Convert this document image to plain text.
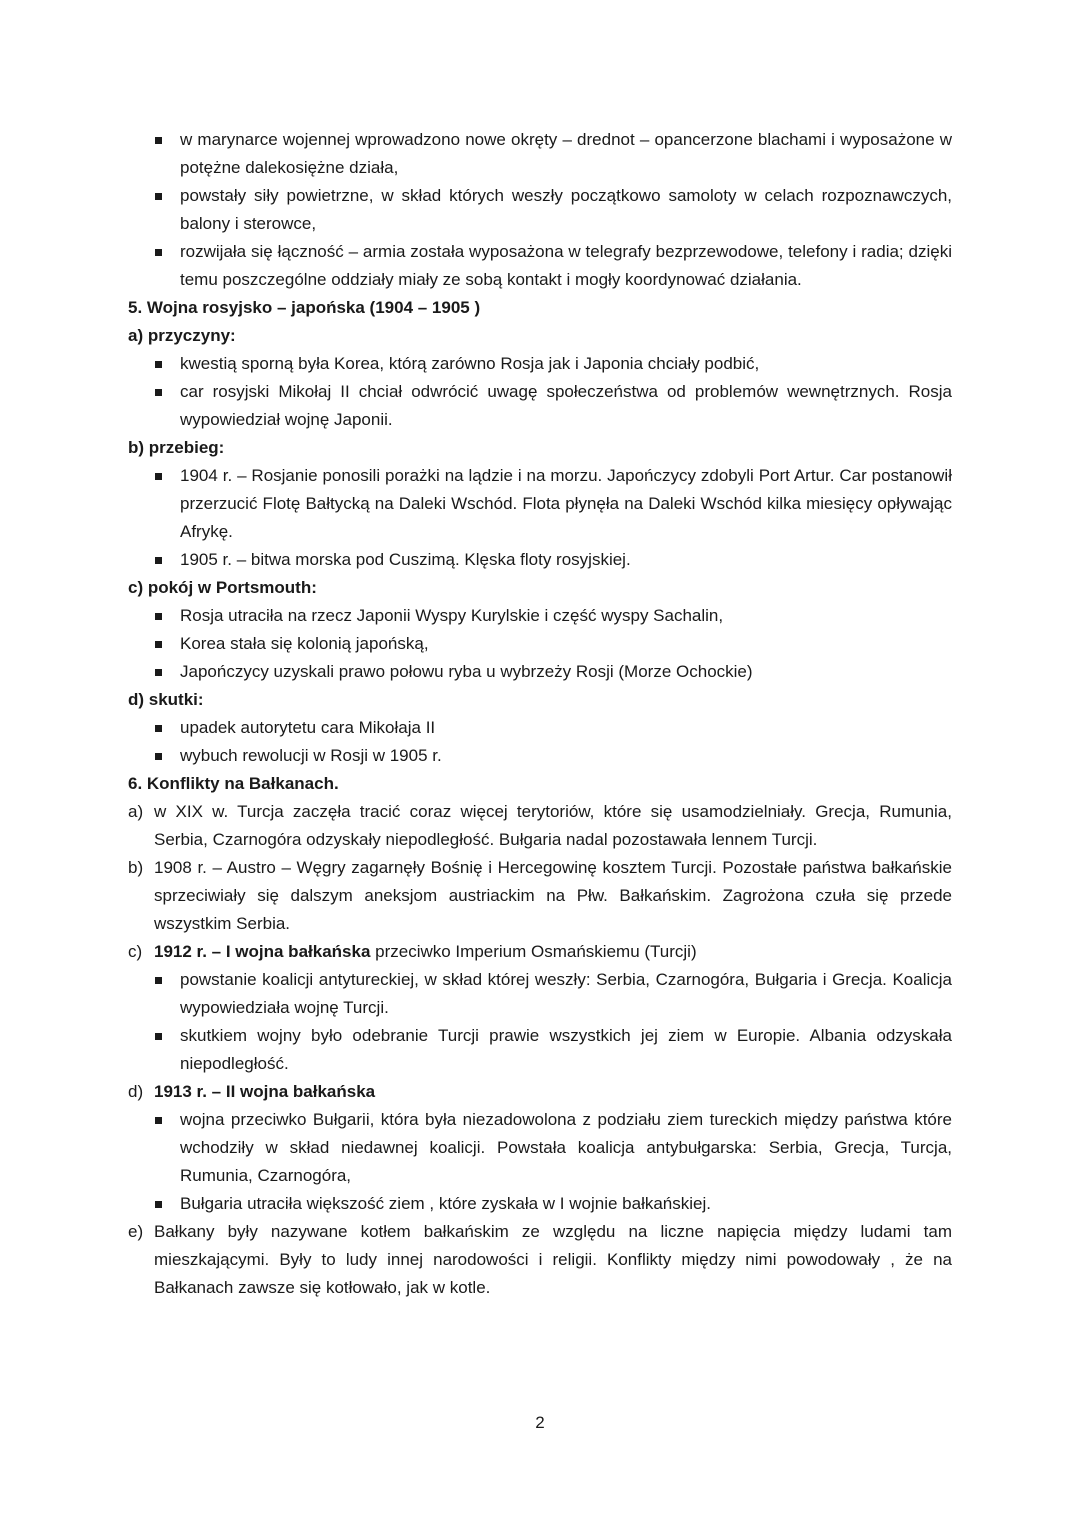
w marynarce wojennej wprowadzono nowe okręty – drednot – opancerzone blachami i wyposażone w potężne dalekosiężne działa,
powstały siły powietrzne, w skład których weszły początkowo samoloty w celach rozpoznawczych, balony i sterowce,
rozwijała się łączność – armia została wyposażona w telegrafy bezprzewodowe, telefony i radia; dzięki temu poszczególne oddziały miały ze sobą kontakt i mogły koordynować działania.
5. Wojna rosyjsko – japońska (1904 – 1905 )
a) przyczyny:
kwestią sporną była Korea, którą zarówno Rosja jak i Japonia chciały podbić,
car rosyjski Mikołaj II chciał odwrócić uwagę społeczeństwa od problemów wewnętrznych. Rosja wypowiedział wojnę Japonii.
b) przebieg:
1904 r. – Rosjanie ponosili porażki na lądzie i na morzu. Japończycy zdobyli Port Artur. Car postanowił przerzucić Flotę Bałtycką na Daleki Wschód. Flota płynęła na Daleki Wschód kilka miesięcy opływając Afrykę.
1905 r. – bitwa morska pod Cuszimą. Klęska floty rosyjskiej.
c) pokój w Portsmouth:
Rosja utraciła na rzecz Japonii Wyspy Kurylskie i część wyspy Sachalin,
Korea stała się kolonią japońską,
Japończycy uzyskali prawo połowu ryba u wybrzeży Rosji (Morze Ochockie)
d) skutki:
upadek autorytetu cara Mikołaja II
wybuch rewolucji w Rosji w 1905 r.
6. Konflikty na Bałkanach.
a) w XIX w. Turcja zaczęła tracić coraz więcej terytoriów, które się usamodzielniały. Grecja, Rumunia, Serbia, Czarnogóra odzyskały niepodległość. Bułgaria nadal pozostawała lennem Turcji.
b) 1908 r. – Austro – Węgry zagarnęły Bośnię i Hercegowinę kosztem Turcji. Pozostałe państwa bałkańskie sprzeciwiały się dalszym aneksjom austriackim na Płw. Bałkańskim. Zagrożona czuła się przede wszystkim Serbia.
c) 1912 r. – I wojna bałkańska przeciwko Imperium Osmańskiemu (Turcji)
powstanie koalicji antytureckiej, w skład której weszły: Serbia, Czarnogóra, Bułgaria i Grecja. Koalicja wypowiedziała wojnę Turcji.
skutkiem wojny było odebranie Turcji prawie wszystkich jej ziem w Europie. Albania odzyskała niepodległość.
d) 1913 r. – II wojna bałkańska
wojna przeciwko Bułgarii, która była niezadowolona z podziału ziem tureckich między państwa które wchodziły w skład niedawnej koalicji. Powstała koalicja antybułgarska: Serbia, Grecja, Turcja, Rumunia, Czarnogóra,
Bułgaria utraciła większość ziem , które zyskała w I wojnie bałkańskiej.
e) Bałkany były nazywane kotłem bałkańskim ze względu na liczne napięcia między ludami tam mieszkającymi. Były to ludy innej narodowości i religii. Konflikty między nimi powodowały , że na Bałkanach zawsze się kotłowało, jak w kotle.
2
